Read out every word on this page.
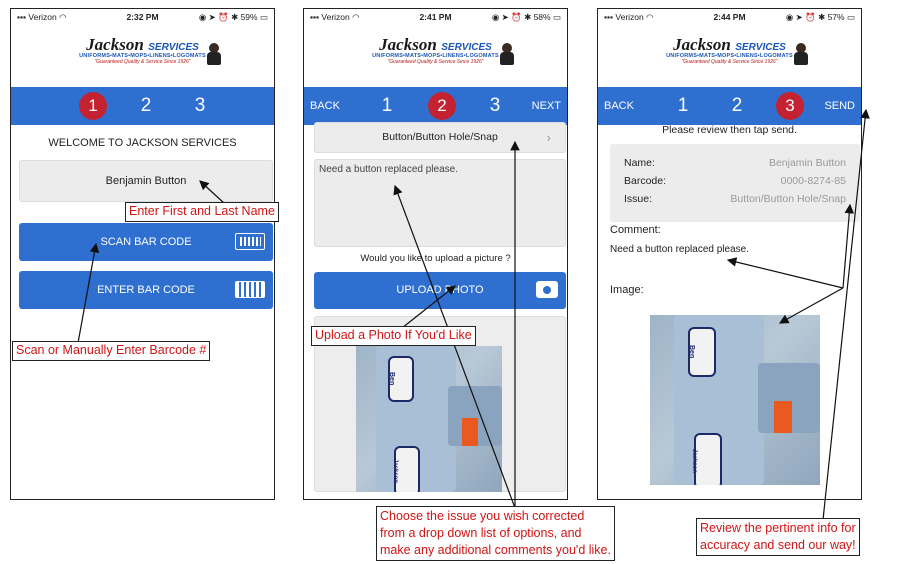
▪▪▪ Verizon ◠	2:32 PM	◉ ➤ ⏰ ✱ 59% ▭
Jackson SERVICES
UNIFORMS•MATS•MOPS•LINENS•LOGOMATS
"Guaranteed Quality & Service Since 1926"
1	2	3
WELCOME TO JACKSON SERVICES
Benjamin Button
SCAN BAR CODE
ENTER BAR CODE
▪▪▪ Verizon ◠	2:41 PM	◉ ➤ ⏰ ✱ 58% ▭
Jackson SERVICES
UNIFORMS•MATS•MOPS•LINENS•LOGOMATS
"Guaranteed Quality & Service Since 1926"
BACK	1	2	3	NEXT
Button/Button Hole/Snap	›
Need a button replaced please.
Would you like to upload a picture ?
UPLOAD PHOTO
Ben
Jackson
▪▪▪ Verizon ◠	2:44 PM	◉ ➤ ⏰ ✱ 57% ▭
Jackson SERVICES
UNIFORMS•MATS•MOPS•LINENS•LOGOMATS
"Guaranteed Quality & Service Since 1926"
BACK	1	2	3	SEND
Please review then tap send.
Name:	Benjamin Button
Barcode:	0000-8274-85
Issue:	Button/Button Hole/Snap
Comment:
Need a button replaced please.
Image:
Ben
Jackson
Enter First and Last Name
Scan or Manually Enter Barcode #
Upload a Photo If You'd Like
Choose the issue you wish corrected
from a drop down list of options, and
make any additional comments you'd like.
Review the pertinent info for
accuracy and send our way!
